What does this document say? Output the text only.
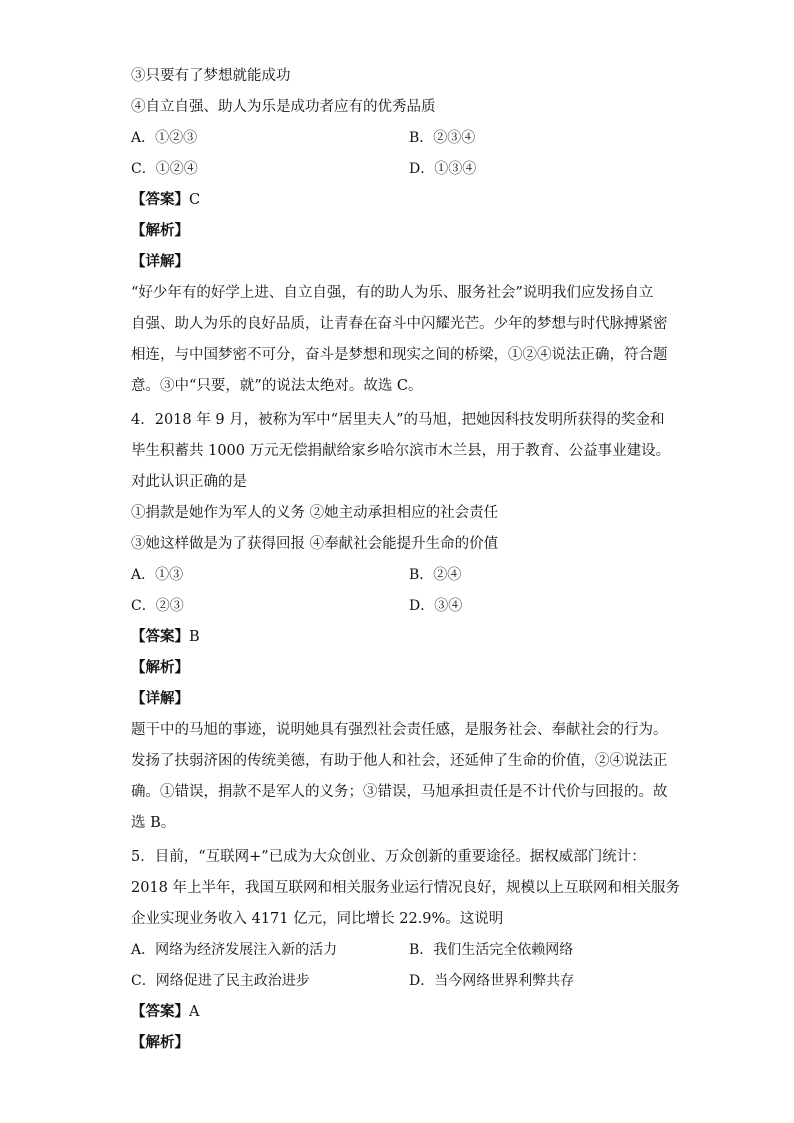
③只要有了梦想就能成功
④自立自强、助人为乐是成功者应有的优秀品质
A．①②③	B．②③④
C．①②④	D．①③④
【答案】C
【解析】
【详解】
“好少年有的好学上进、自立自强，有的助人为乐、服务社会”说明我们应发扬自立
自强、助人为乐的良好品质，让青春在奋斗中闪耀光芒。少年的梦想与时代脉搏紧密
相连，与中国梦密不可分，奋斗是梦想和现实之间的桥梁，①②④说法正确，符合题
意。③中“只要，就”的说法太绝对。故选 C。
4．2018 年 9 月，被称为军中“居里夫人”的马旭，把她因科技发明所获得的奖金和
毕生积蓄共 1000 万元无偿捐献给家乡哈尔滨市木兰县，用于教育、公益事业建设。
对此认识正确的是
①捐款是她作为军人的义务 ②她主动承担相应的社会责任
③她这样做是为了获得回报 ④奉献社会能提升生命的价值
A．①③	B．②④
C．②③	D．③④
【答案】B
【解析】
【详解】
题干中的马旭的事迹，说明她具有强烈社会责任感，是服务社会、奉献社会的行为。
发扬了扶弱济困的传统美德，有助于他人和社会，还延伸了生命的价值，②④说法正
确。①错误，捐款不是军人的义务；③错误，马旭承担责任是不计代价与回报的。故
选 B。
5．目前，“互联网+”已成为大众创业、万众创新的重要途径。据权威部门统计：
2018 年上半年，我国互联网和相关服务业运行情况良好，规模以上互联网和相关服务
企业实现业务收入 4171 亿元，同比增长 22.9%。这说明
A．网络为经济发展注入新的活力	B．我们生活完全依赖网络
C．网络促进了民主政治进步	D．当今网络世界利弊共存
【答案】A
【解析】
